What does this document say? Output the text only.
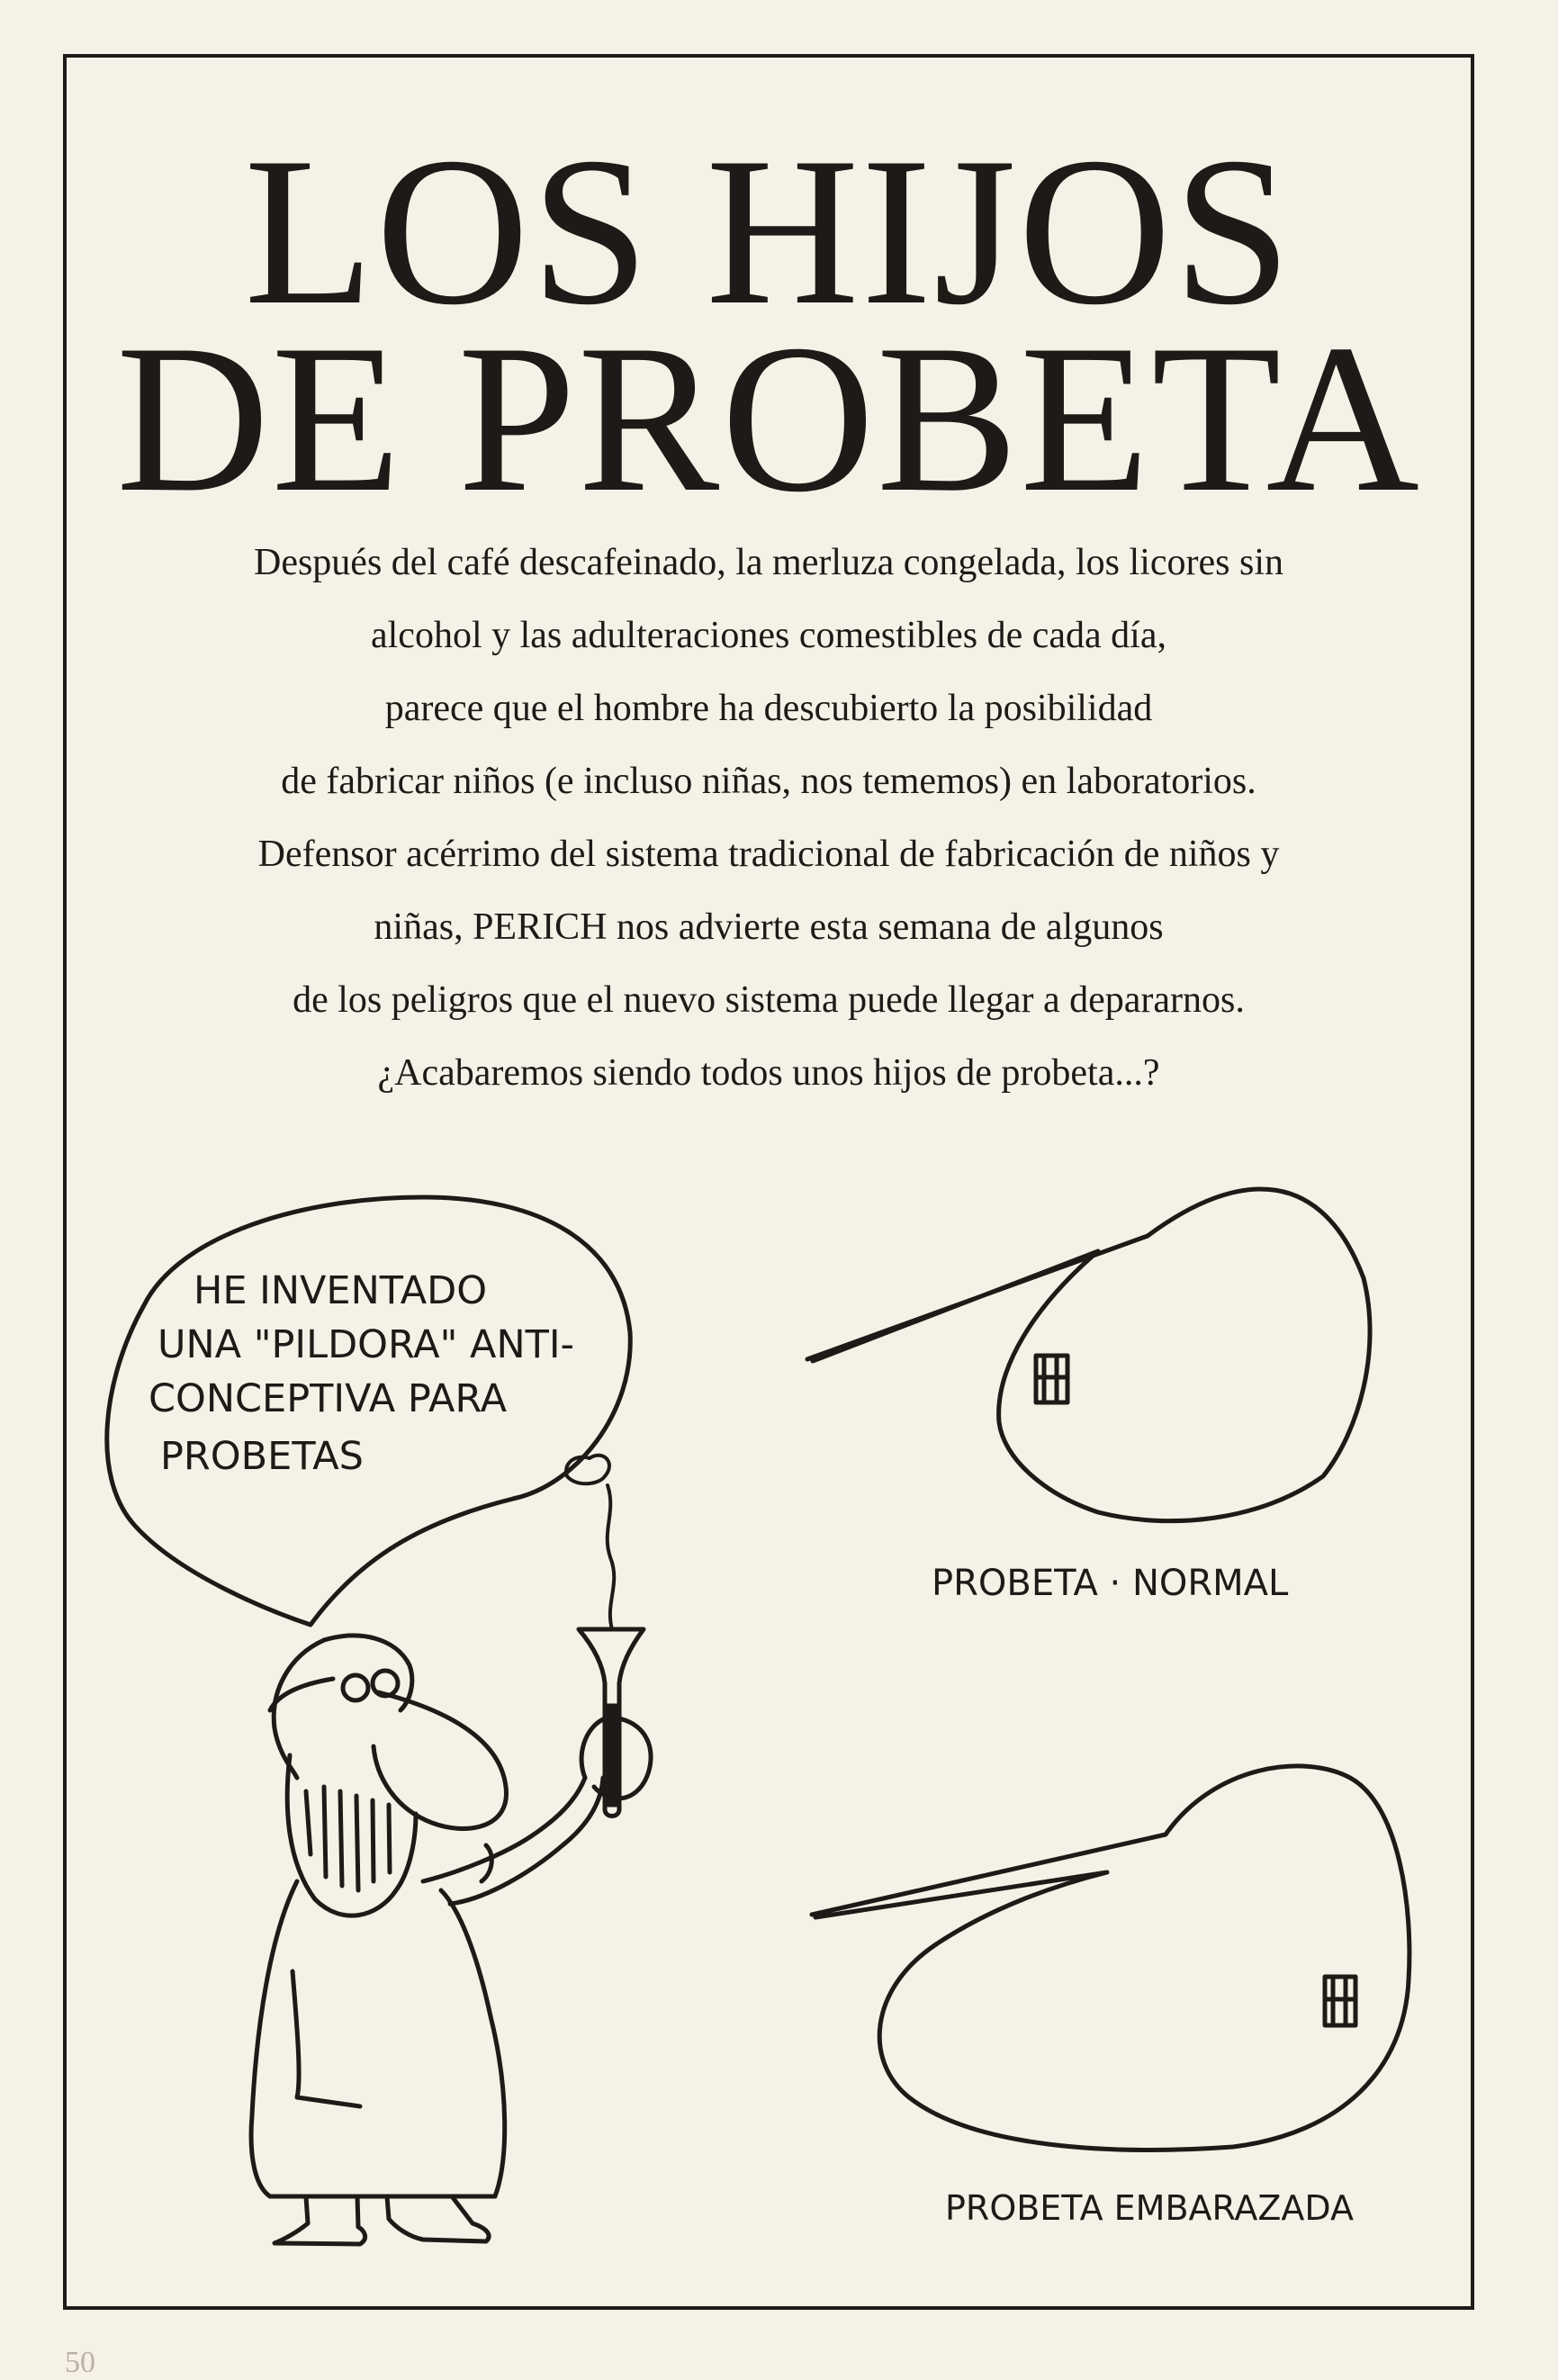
LOS HIJOS
DE PROBETA
Después del café descafeinado, la merluza congelada, los licores sin
alcohol y las adulteraciones comestibles de cada día,
parece que el hombre ha descubierto la posibilidad
de fabricar niños (e incluso niñas, nos tememos) en laboratorios.
Defensor acérrimo del sistema tradicional de fabricación de niños y
niñas, PERICH nos advierte esta semana de algunos
de los peligros que el nuevo sistema puede llegar a depararnos.
¿Acabaremos siendo todos unos hijos de probeta...?
HE INVENTADO
UNA "PILDORA" ANTI-
CONCEPTIVA PARA
PROBETAS
PROBETA · NORMAL
PROBETA EMBARAZADA
50
